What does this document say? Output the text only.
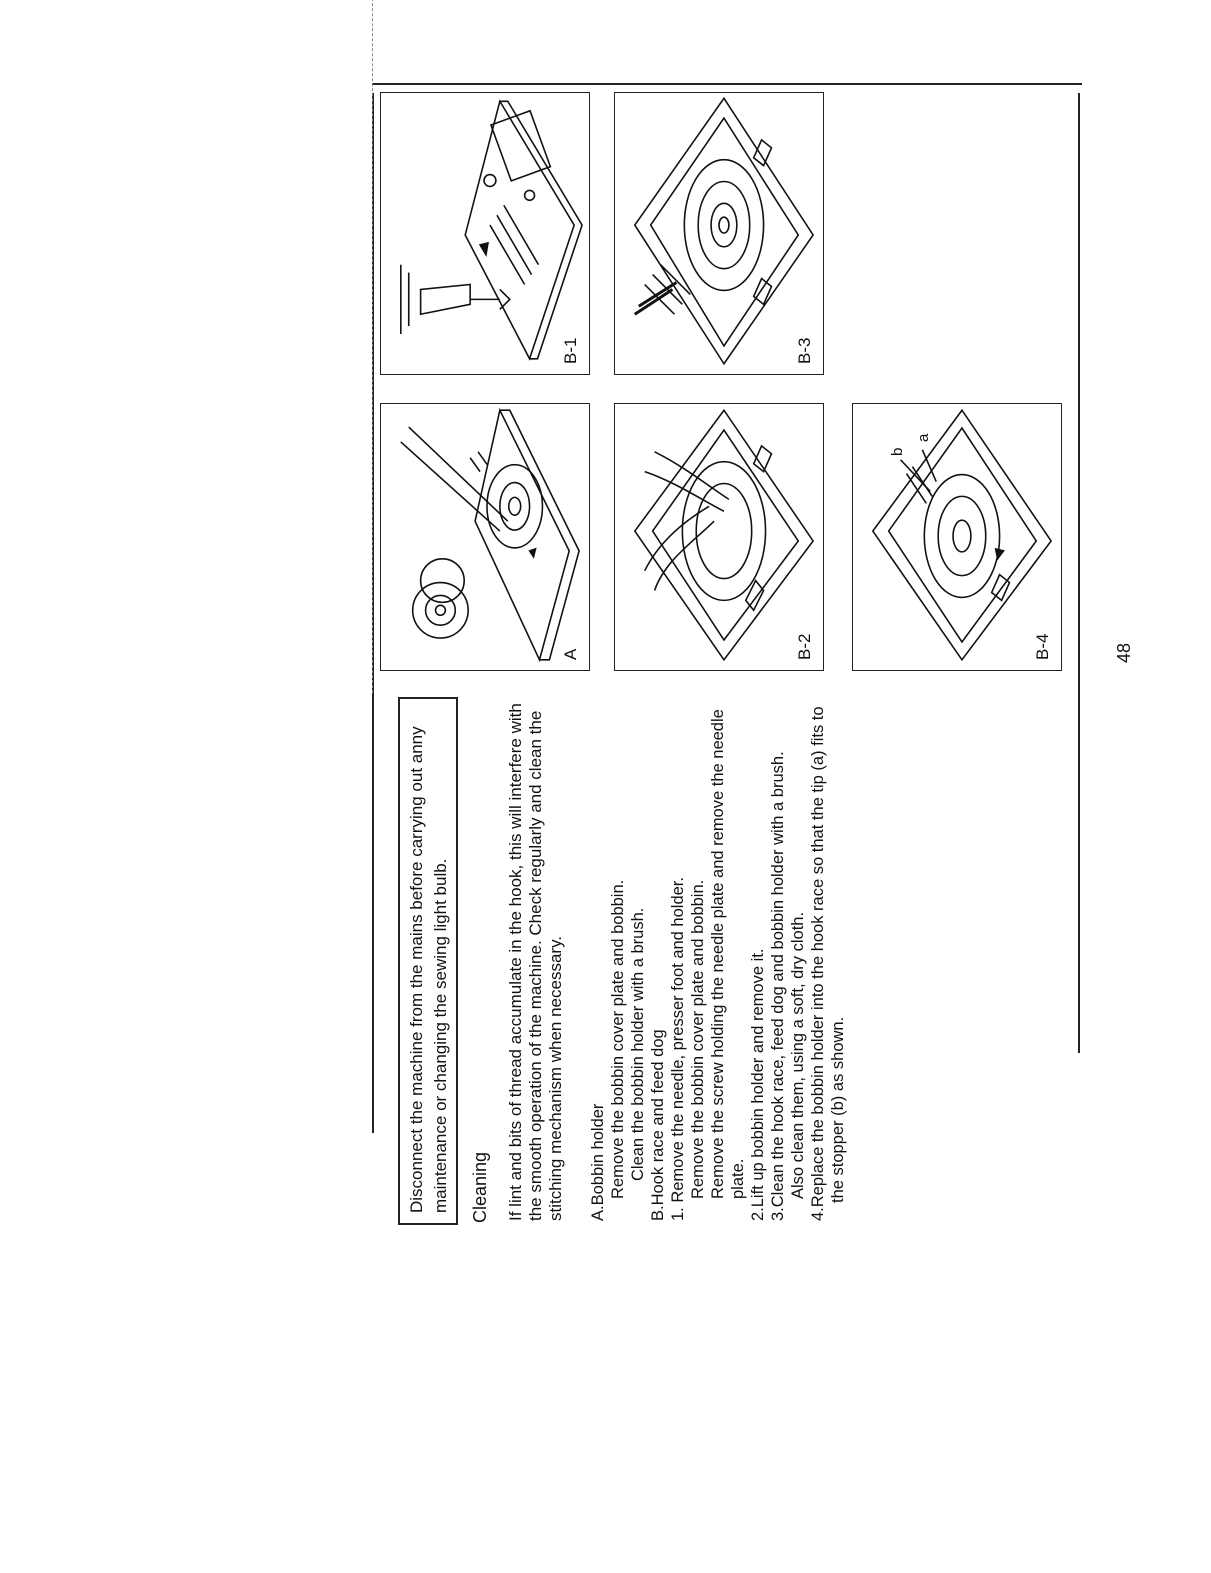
Disconnect the machine from the mains before carrying out anny maintenance or changing the sewing light bulb. Cleaning If lint and bits of thread accumulate in the hook, this will interfere with the smooth operation of the machine. Check regularly and clean the stitching mechanism when necessary. A.Bobbin holder Remove the bobbin cover plate and bobbin. Clean the bobbin holder with a brush. B.Hook race and feed dog 1. Remove the needle, presser foot and holder. Remove the bobbin cover plate and bobbin. Remove the screw holding the needle plate and remove the needle plate. 2.Lift up bobbin holder and remove it. 3.Clean the hook race, feed dog and bobbin holder with a brush. Also clean them, using a soft, dry cloth. 4.Replace the bobbin holder into the hook race so that the tip (a) fits to the stopper (b) as shown.
A
B-1
B-2
B-3
a
b
B-4	48
